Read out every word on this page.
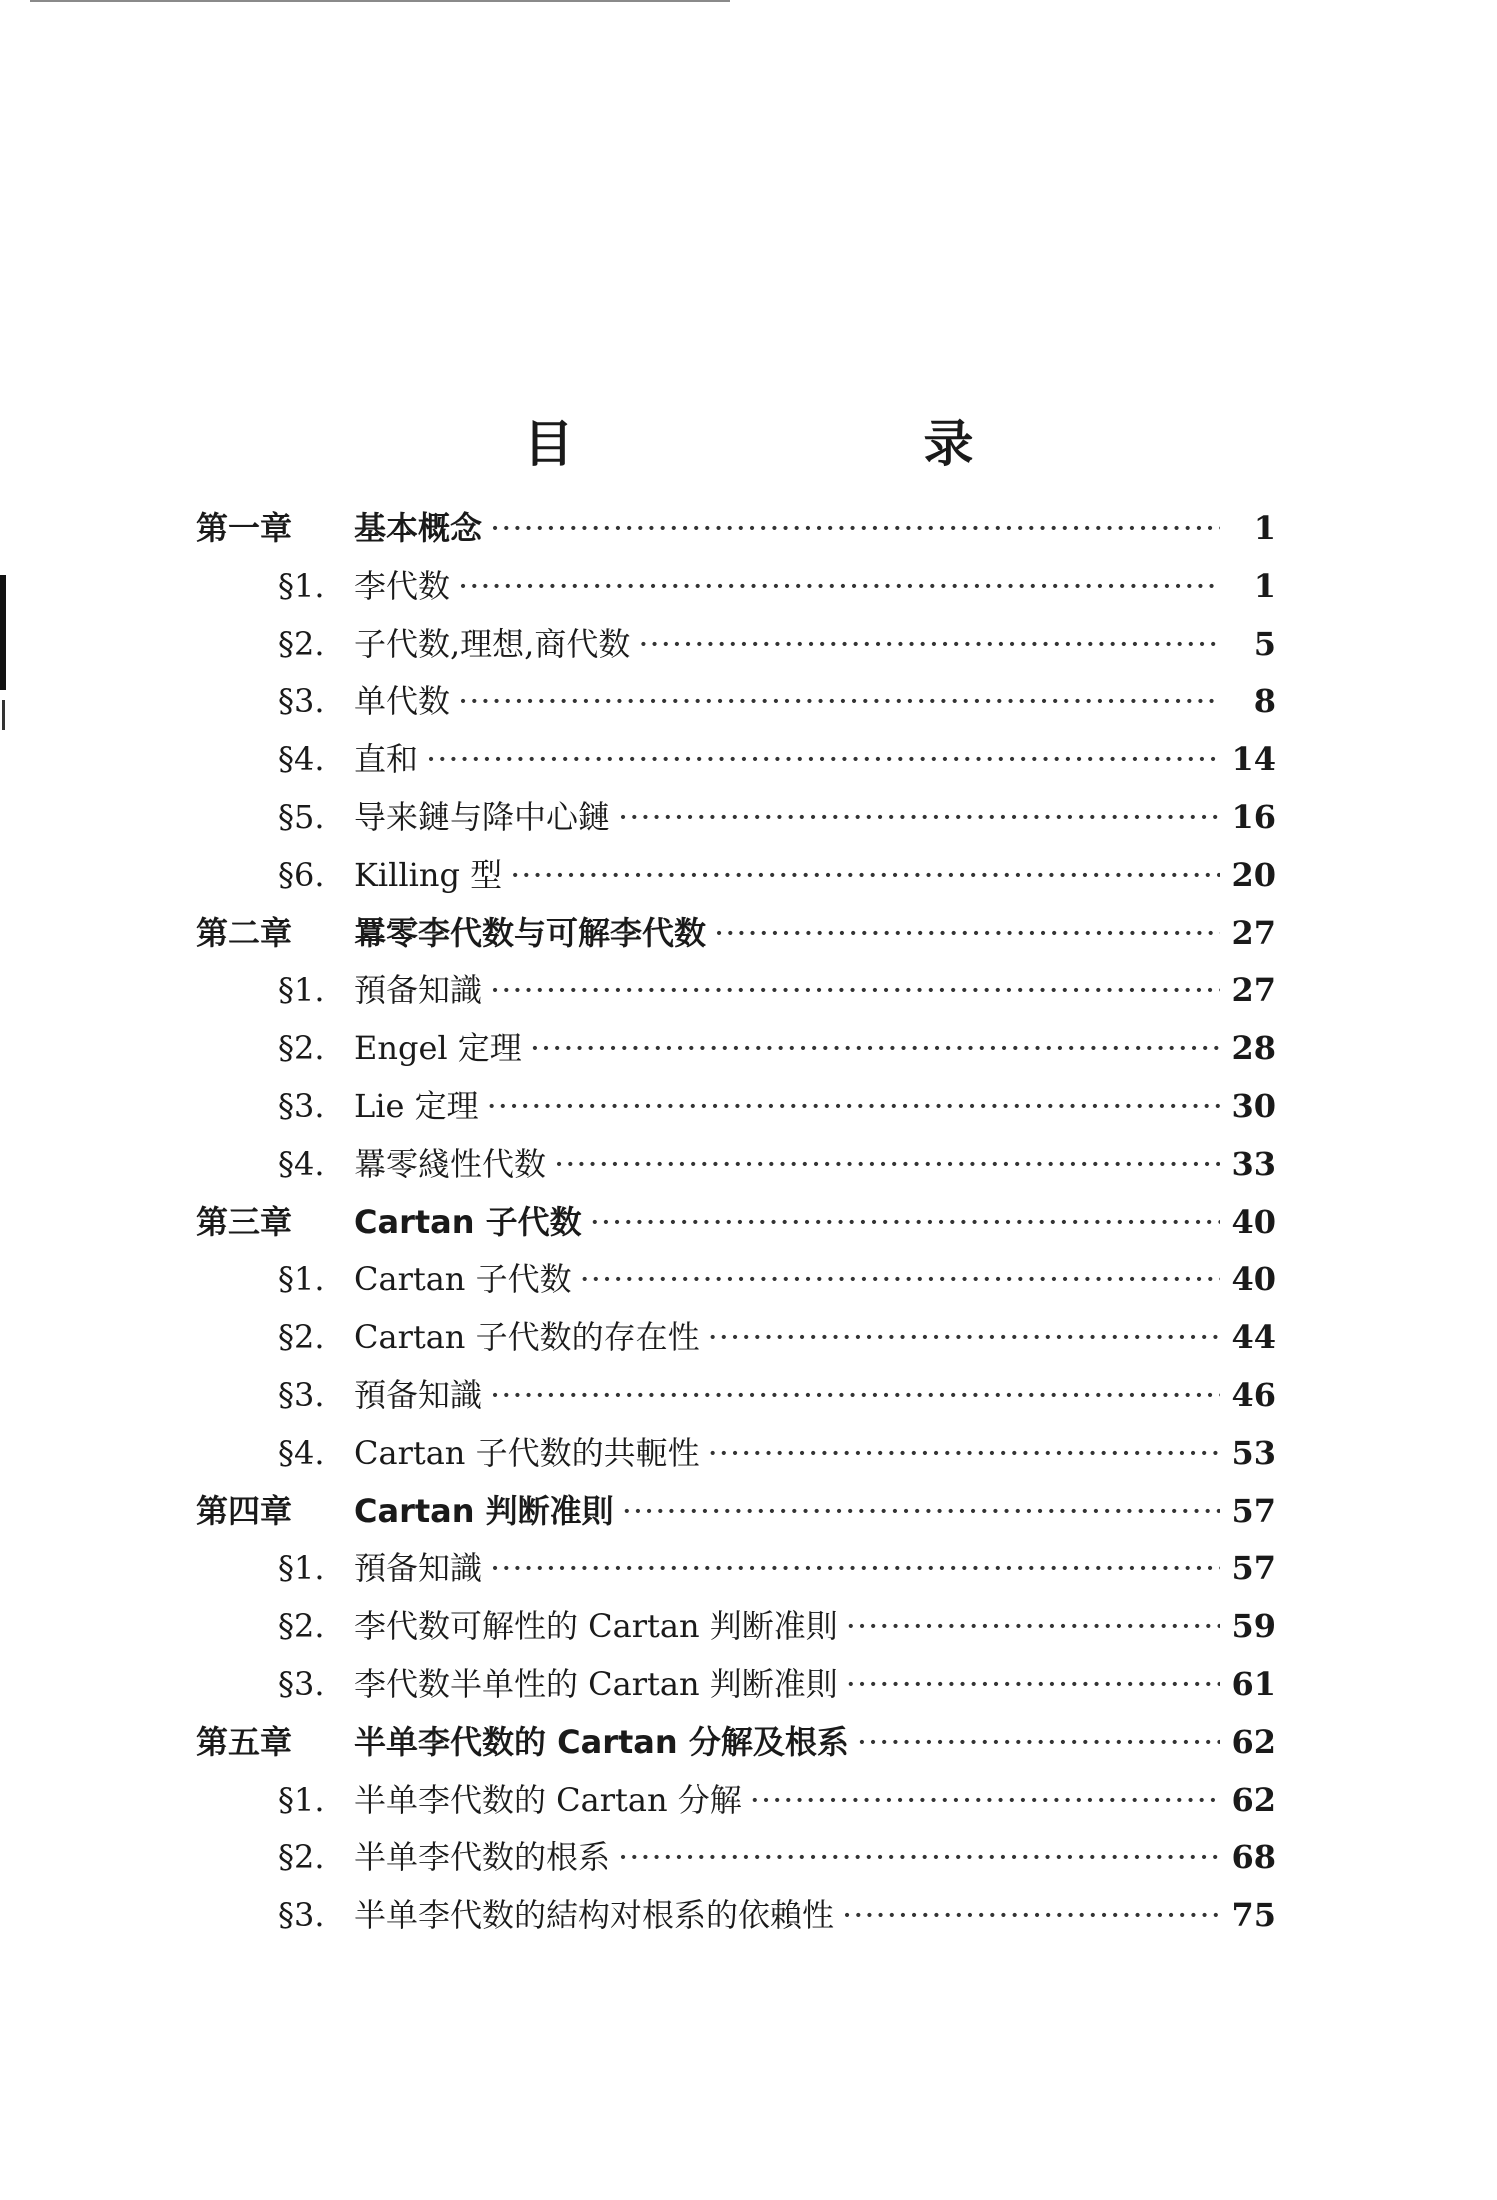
目　录
第一章	基本概念 ·····	1
§1. 李代数 ·····	1
§2. 子代数,理想,商代数 ·····	5
§3. 单代数 ·····	8
§4. 直和 ·····	14
§5. 导来鏈与降中心鏈 ·····	16
§6. Killing 型 ·····	20
第二章	羃零李代数与可解李代数 ·····	27
§1. 預备知識 ·····	27
§2. Engel 定理 ·····	28
§3. Lie 定理 ·····	30
§4. 羃零綫性代数 ·····	33
第三章	Cartan 子代数 ·····	40
§1. Cartan 子代数 ·····	40
§2. Cartan 子代数的存在性 ·····	44
§3. 預备知識 ·····	46
§4. Cartan 子代数的共軛性 ·····	53
第四章	Cartan 判断准則 ·····	57
§1. 預备知識 ·····	57
§2. 李代数可解性的 Cartan 判断准則 ·····	59
§3. 李代数半单性的 Cartan 判断准則 ·····	61
第五章	半单李代数的 Cartan 分解及根系 ·····	62
§1. 半单李代数的 Cartan 分解 ·····	62
§2. 半单李代数的根系 ·····	68
§3. 半单李代数的結构对根系的依賴性 ·····	75
